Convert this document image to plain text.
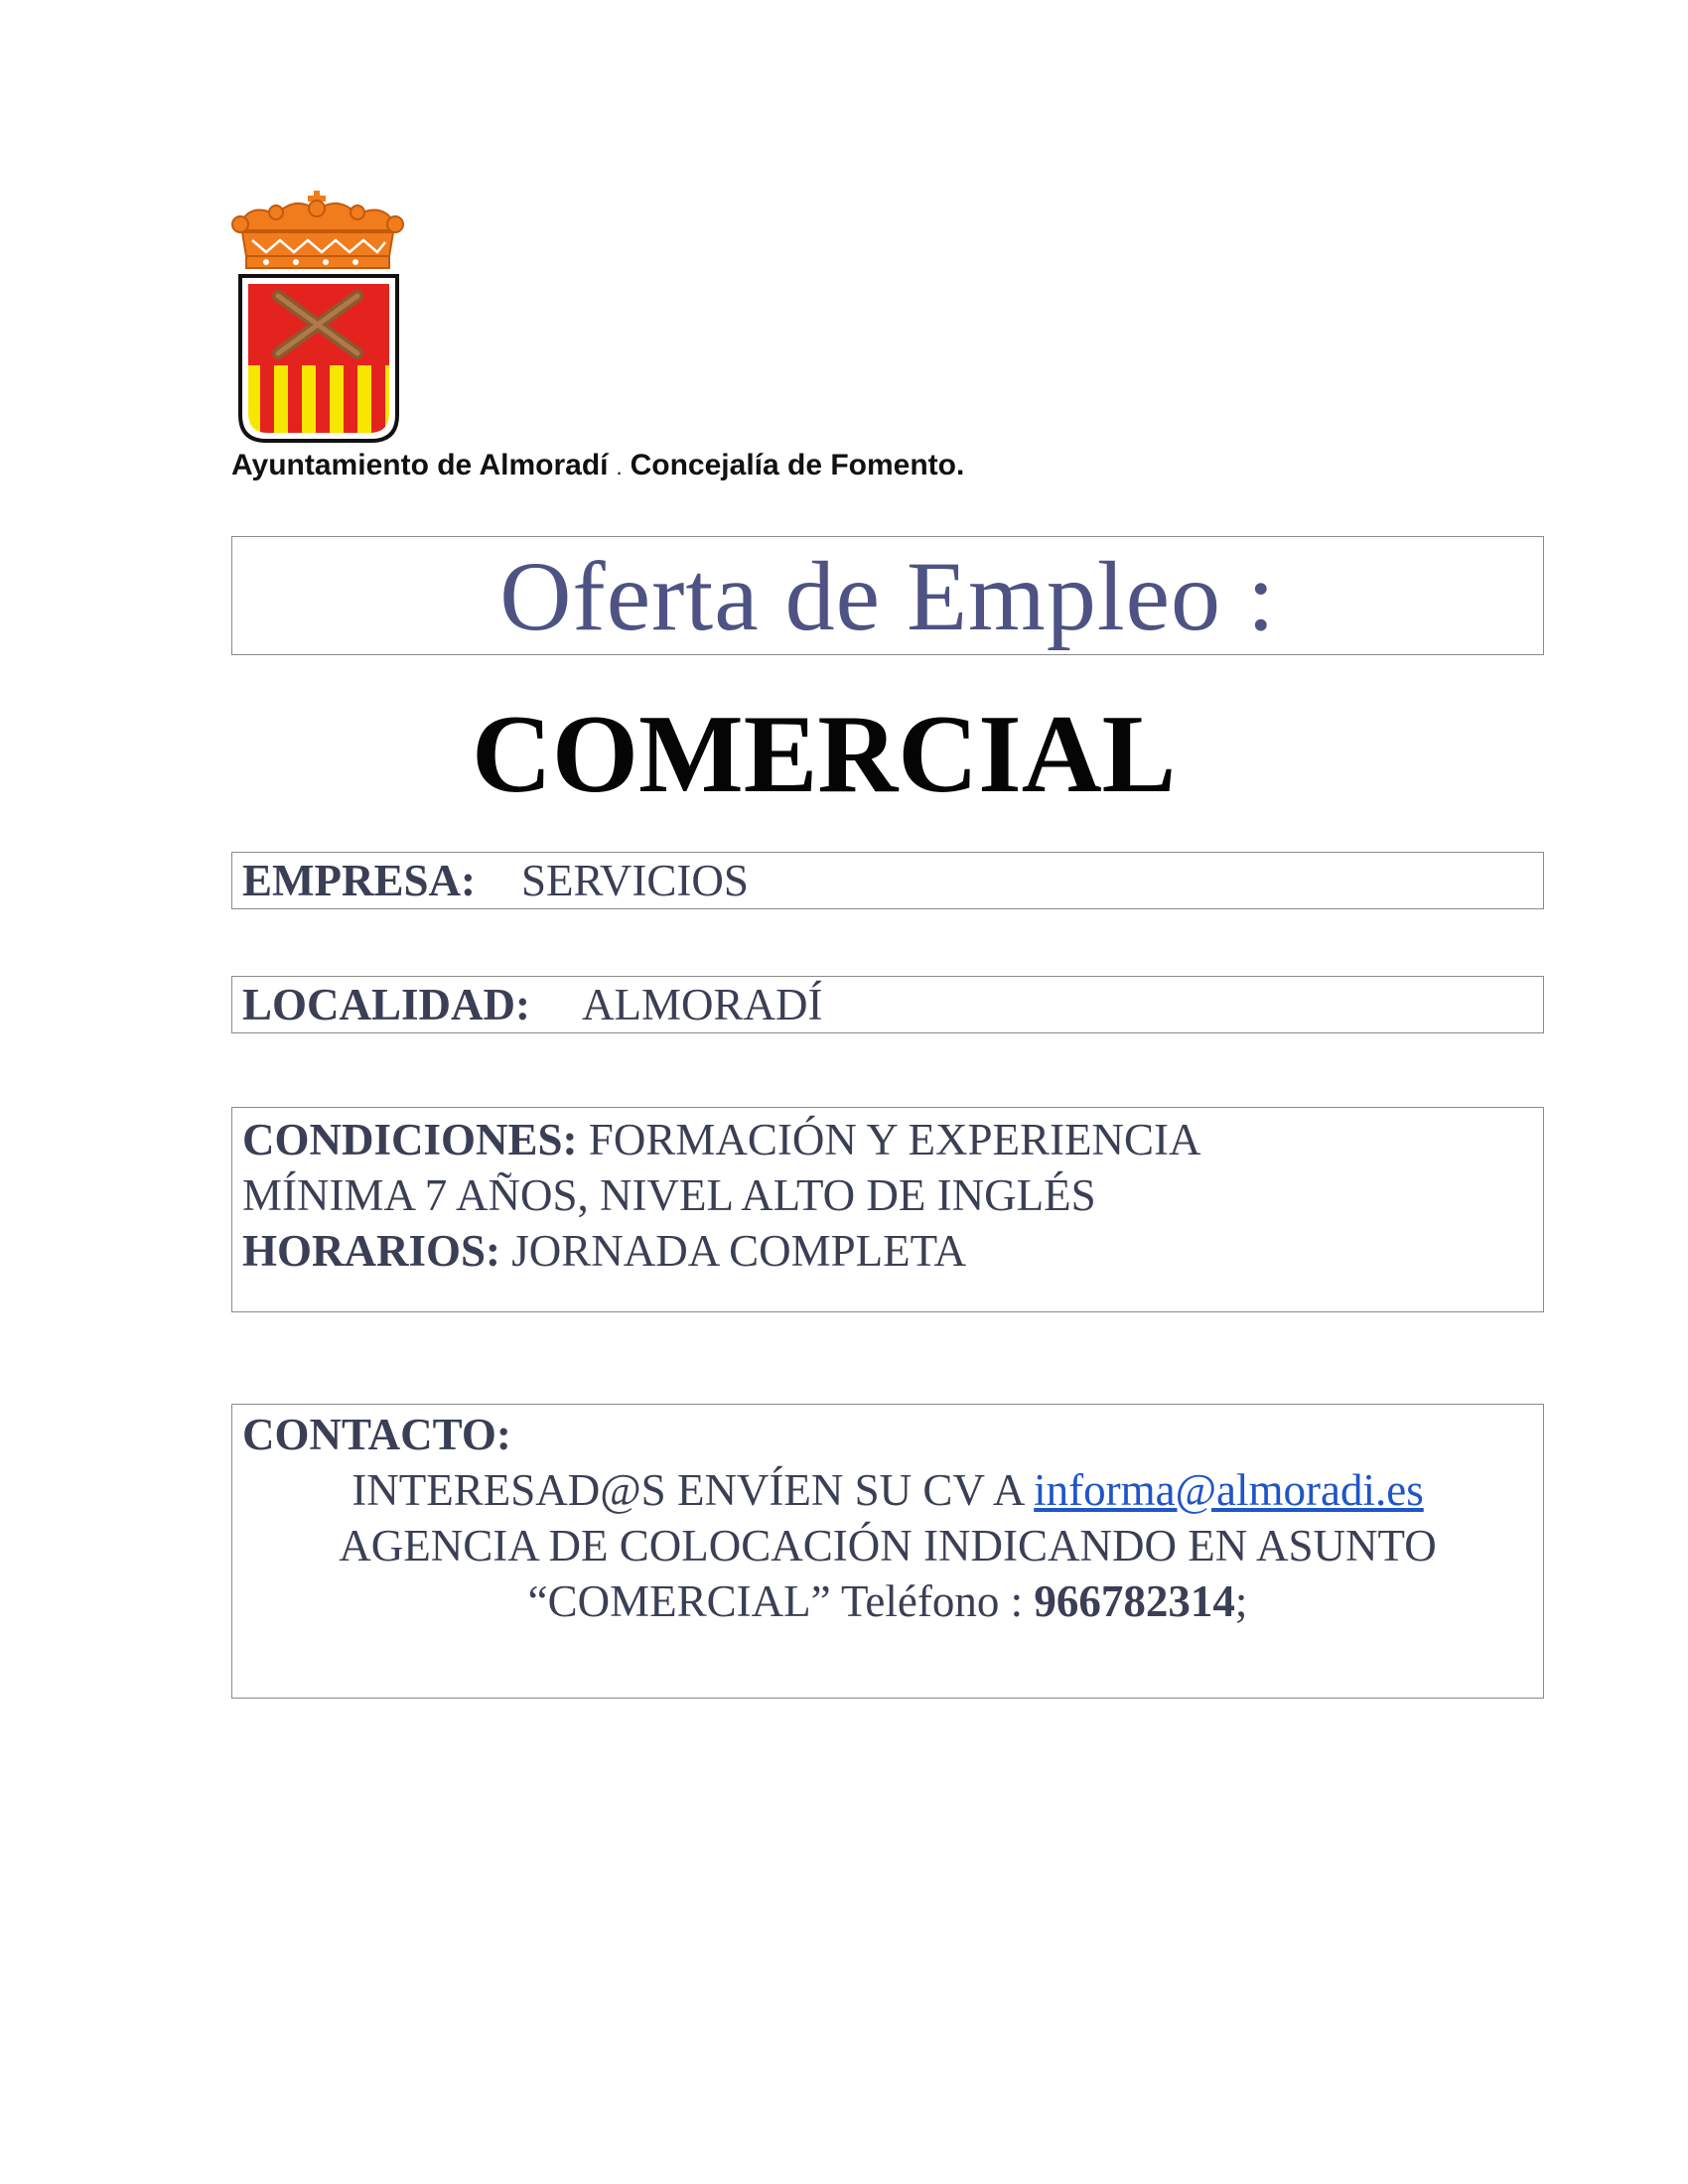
Ayuntamiento de Almoradí . Concejalía de Fomento.
Oferta de Empleo :
COMERCIAL
EMPRESA: SERVICIOS
LOCALIDAD: ALMORADÍ
CONDICIONES: FORMACIÓN Y EXPERIENCIA
MÍNIMA 7 AÑOS, NIVEL ALTO DE INGLÉS
HORARIOS: JORNADA COMPLETA
CONTACTO:
INTERESAD@S ENVÍEN SU CV A informa@almoradi.es
AGENCIA DE COLOCACIÓN INDICANDO EN ASUNTO
“COMERCIAL” Teléfono : 966782314;
